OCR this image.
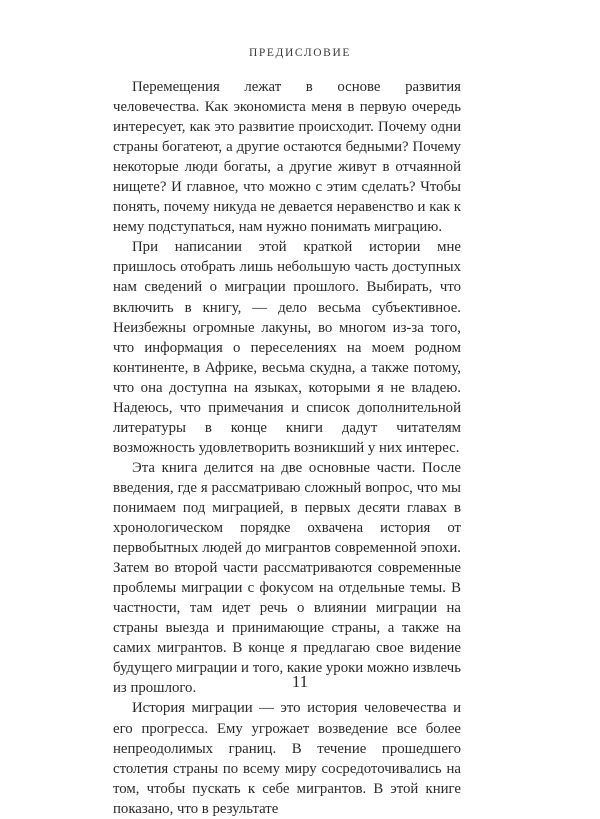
ПРЕДИСЛОВИЕ

Перемещения лежат в основе развития человечества. Как экономиста меня в первую очередь интересует, как это развитие происходит. Почему одни страны богатеют, а другие остаются бедными? Почему некоторые люди богаты, а другие живут в отчаянной нищете? И главное, что можно с этим сделать? Чтобы понять, почему никуда не девается неравенство и как к нему подступаться, нам нужно понимать миграцию.

При написании этой краткой истории мне пришлось отобрать лишь небольшую часть доступных нам сведений о миграции прошлого. Выбирать, что включить в книгу, — дело весьма субъективное. Неизбежны огромные лакуны, во многом из-за того, что информация о переселениях на моем родном континенте, в Африке, весьма скудна, а также потому, что она доступна на языках, которыми я не владею. Надеюсь, что примечания и список дополнительной литературы в конце книги дадут читателям возможность удовлетворить возникший у них интерес.

Эта книга делится на две основные части. После введения, где я рассматриваю сложный вопрос, что мы понимаем под миграцией, в первых десяти главах в хронологическом порядке охвачена история от первобытных людей до мигрантов современной эпохи. Затем во второй части рассматриваются современные проблемы миграции с фокусом на отдельные темы. В частности, там идет речь о влиянии миграции на страны выезда и принимающие страны, а также на самих мигрантов. В конце я предлагаю свое видение будущего миграции и того, какие уроки можно извлечь из прошлого.

История миграции — это история человечества и его прогресса. Ему угрожает возведение все более непреодолимых границ. В течение прошедшего столетия страны по всему миру сосредоточивались на том, чтобы пускать к себе мигрантов. В этой книге показано, что в результате

11
